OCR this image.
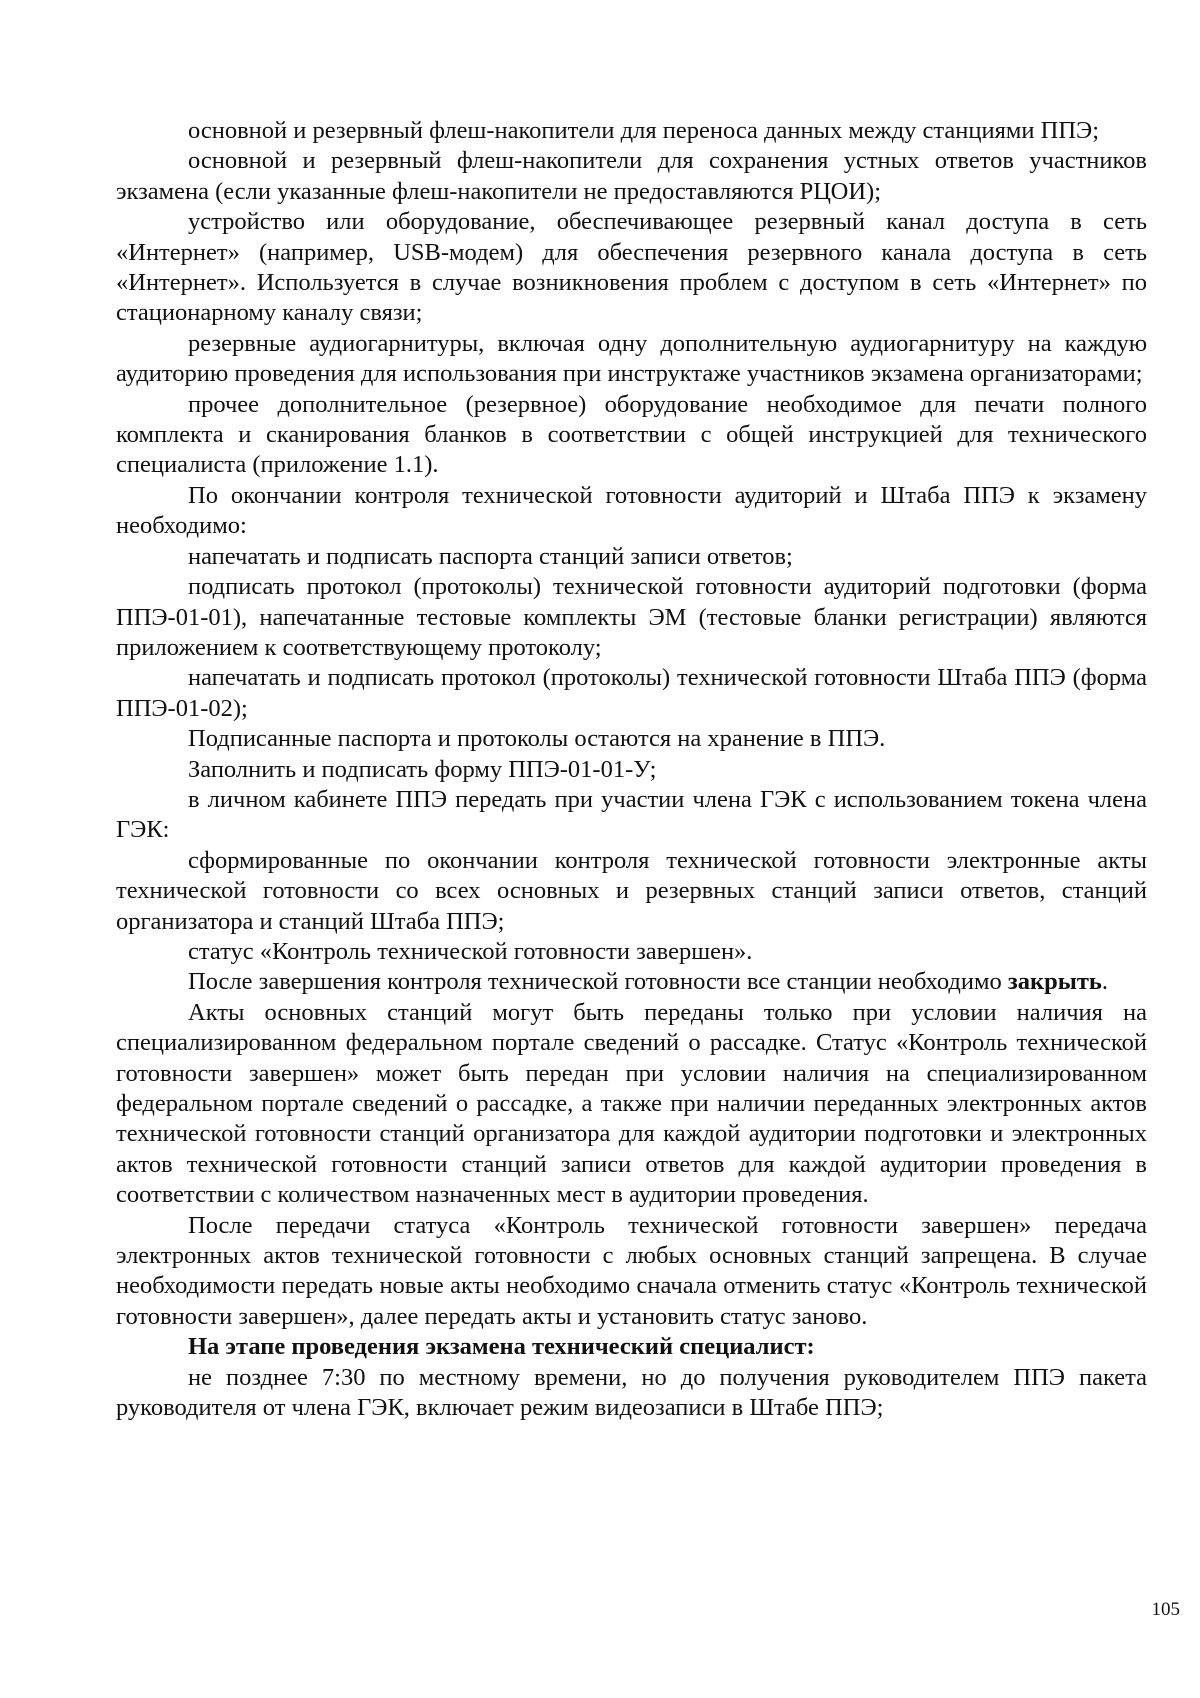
основной и резервный флеш-накопители для переноса данных между станциями ППЭ;

основной и резервный флеш-накопители для сохранения устных ответов участников экзамена (если указанные флеш-накопители не предоставляются РЦОИ);

устройство или оборудование, обеспечивающее резервный канал доступа в сеть «Интернет» (например, USB-модем) для обеспечения резервного канала доступа в сеть «Интернет». Используется в случае возникновения проблем с доступом в сеть «Интернет» по стационарному каналу связи;

резервные аудиогарнитуры, включая одну дополнительную аудиогарнитуру на каждую аудиторию проведения для использования при инструктаже участников экзамена организаторами;

прочее дополнительное (резервное) оборудование необходимое для печати полного комплекта и сканирования бланков в соответствии с общей инструкцией для технического специалиста (приложение 1.1).

По окончании контроля технической готовности аудиторий и Штаба ППЭ к экзамену необходимо:

напечатать и подписать паспорта станций записи ответов;

подписать протокол (протоколы) технической готовности аудиторий подготовки (форма ППЭ-01-01), напечатанные тестовые комплекты ЭМ (тестовые бланки регистрации) являются приложением к соответствующему протоколу;

напечатать и подписать протокол (протоколы) технической готовности Штаба ППЭ (форма ППЭ-01-02);

Подписанные паспорта и протоколы остаются на хранение в ППЭ.

Заполнить и подписать форму ППЭ-01-01-У;

в личном кабинете ППЭ передать при участии члена ГЭК с использованием токена члена ГЭК:

сформированные по окончании контроля технической готовности электронные акты технической готовности со всех основных и резервных станций записи ответов, станций организатора и станций Штаба ППЭ;

статус «Контроль технической готовности завершен».

После завершения контроля технической готовности все станции необходимо закрыть.

Акты основных станций могут быть переданы только при условии наличия на специализированном федеральном портале сведений о рассадке. Статус «Контроль технической готовности завершен» может быть передан при условии наличия на специализированном федеральном портале сведений о рассадке, а также при наличии переданных электронных актов технической готовности станций организатора для каждой аудитории подготовки и электронных актов технической готовности станций записи ответов для каждой аудитории проведения в соответствии с количеством назначенных мест в аудитории проведения.

После передачи статуса «Контроль технической готовности завершен» передача электронных актов технической готовности с любых основных станций запрещена. В случае необходимости передать новые акты необходимо сначала отменить статус «Контроль технической готовности завершен», далее передать акты и установить статус заново.

На этапе проведения экзамена технический специалист:

не позднее 7:30 по местному времени, но до получения руководителем ППЭ пакета руководителя от члена ГЭК, включает режим видеозаписи в Штабе ППЭ;

105
